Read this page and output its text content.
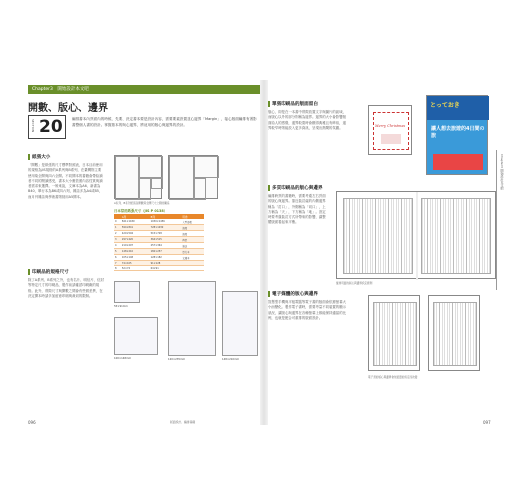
Chapter3　開始設計本文吧
開數、版心、邊界
SECTION 20	編排書本內頁面內的時候，先要、決定書本要是設計內容，需要要素設置並心邊界「Margin」，接心版面編排有著影書整個人書的設計。掌握基本的與心邊界，將這用的版心與邊界的設計。
紙張大小
「開數」是紙張的尺寸標準對照表，日本目前使用的規格為JIS規格的A系列與B系列，在臺灣則主要使用菊全開與四六全開。不同開本的書籍會帶給讀者不同的閱讀感受，書本大小應依照內容性質與讀者需求來選擇。一般來說，文庫本為A6、新書為B40，單行本為B6或四六判，雜誌多為A4或B5，而月刊雜誌與學術書則採用A5開本。
A系列、B系列紙張各開數與全開尺寸之間的關係
日本常用紙張尺寸（JIS P 0138）
	A列	B列	用途
0	841×1189	1030×1456	大型海報
1	594×841	728×1030	海報
2	420×594	515×728	海報
3	297×420	364×515	傳單
4	210×297	257×364	雜誌
5	148×210	182×257	單行本
6	105×148	128×182	文庫本
7	74×105	91×128	
8	52×74	64×91	
印刷品的規格尺寸
除了A系列、B系列之外，也有名片、明信片、信封等特定尺寸的印刷品，製作前請確認印刷廠的規格。此外，實際尺寸與開數之間會有些微差異，在決定開本時請多加留意印刷與裁切的限制。
55×91mm
100×148mm	120×235mm	148×210mm
單張印刷品的版面留白
版心，即是在一本書中實際放置文字與圖片的區域，而版心以外的部分則稱為邊界。邊界的大小會影響版面給人的感覺，邊界較寬時會顯得典雅且有餘裕，邊界較窄時則能放入更多資訊，呈現出熱鬧的氛圍。	Merry Christmas
とっておき
讓人想去旅遊的4日間の旅
多頁印刷品的版心與邊界
編排跨頁的書籍時，需要考慮左右頁面的版心與邊界。靠近裝訂處的內側邊界稱為「訂口」，外側稱為「切口」，上方稱為「天」，下方稱為「地」。設定時要考慮裝訂方式所帶來的影響，讓整體版面看起來平衡。
縱排頁面的版心與邊界設定範例
電子媒體的版心與邊界
智慧型手機與平板電腦等電子書的版面會依據螢幕大小而變化。製作電子書時，需要考量不同裝置的顯示狀況，讓版心與邊界在各種螢幕上都能保持適當的比例，也就是配合可重排的版面設計。
電子書的版心與邊界會依裝置的設定而改變
Chapter3 開始設計本文吧
096	版面設計、編排基礎	097
